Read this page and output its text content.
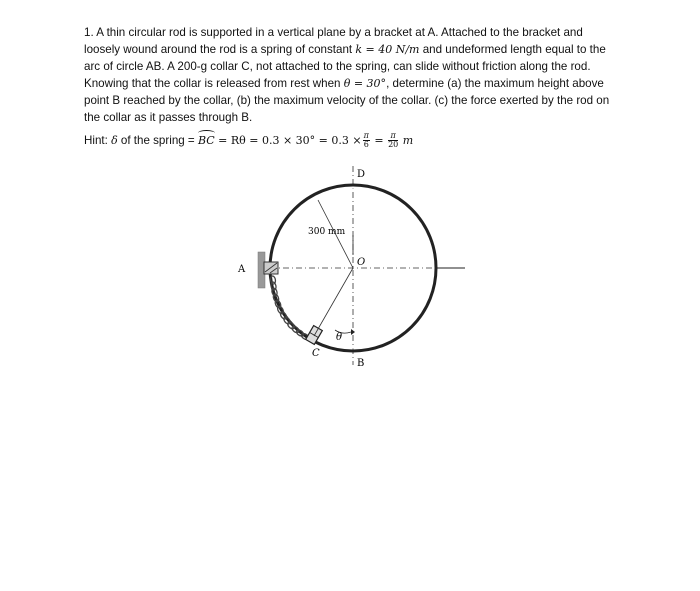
1. A thin circular rod is supported in a vertical plane by a bracket at A. Attached to the bracket and
loosely wound around the rod is a spring of constant k = 40 N/m and undeformed length equal to the
arc of circle AB. A 200-g collar C, not attached to the spring, can slide without friction along the rod.
Knowing that the collar is released from rest when θ = 30°, determine (a) the maximum height above
point B reached by the collar, (b) the maximum velocity of the collar. (c) the force exerted by the rod on
the collar as it passes through B.
Hint: δ of the spring = BC = $R\theta = 0.3 \times 30^\circ = 0.3 \times \frac{\pi}{6} = \frac{\pi}{20}$ m
D
B
A
C
O
θ
300 mm
